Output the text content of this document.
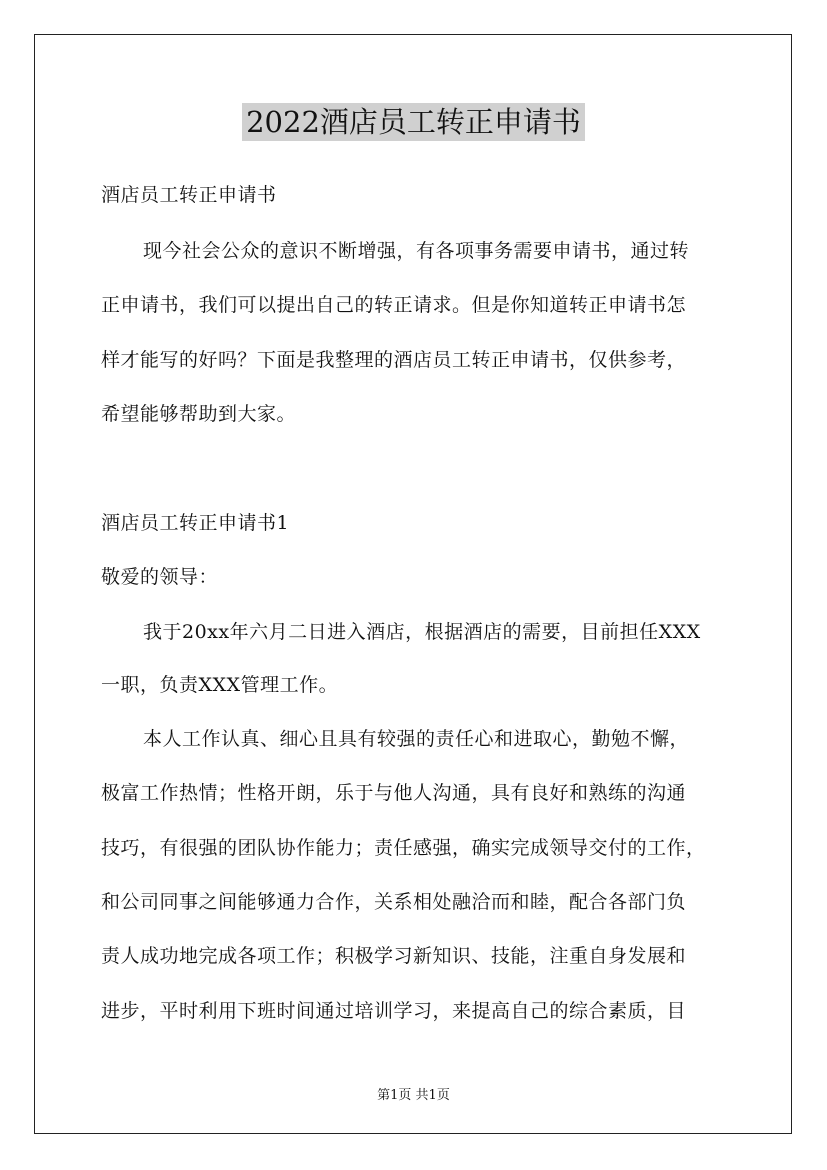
2022酒店员工转正申请书
酒店员工转正申请书
现今社会公众的意识不断增强，有各项事务需要申请书，通过转
正申请书，我们可以提出自己的转正请求。但是你知道转正申请书怎
样才能写的好吗？下面是我整理的酒店员工转正申请书，仅供参考，
希望能够帮助到大家。
酒店员工转正申请书1
敬爱的领导：
我于20xx年六月二日进入酒店，根据酒店的需要，目前担任XXX
一职，负责XXX管理工作。
本人工作认真、细心且具有较强的责任心和进取心，勤勉不懈，
极富工作热情；性格开朗，乐于与他人沟通，具有良好和熟练的沟通
技巧，有很强的团队协作能力；责任感强，确实完成领导交付的工作，
和公司同事之间能够通力合作，关系相处融洽而和睦，配合各部门负
责人成功地完成各项工作；积极学习新知识、技能，注重自身发展和
进步，平时利用下班时间通过培训学习，来提高自己的综合素质，目
第1页 共1页
